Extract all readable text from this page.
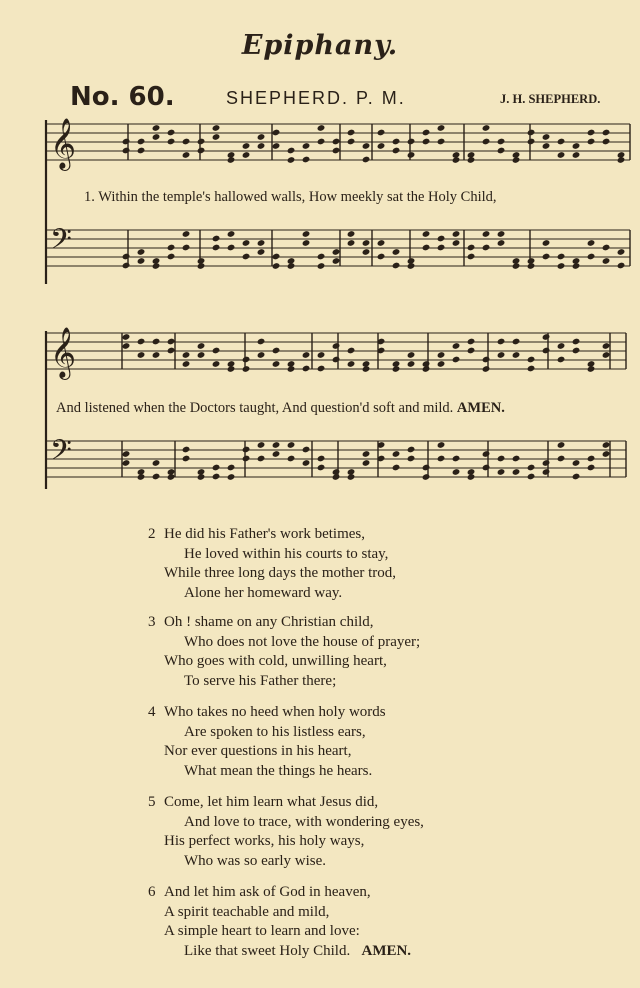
Epiphany.
No. 60.	SHEPHERD. P. M.	J. H. SHEPHERD.
𝄞
𝄢
1. Within the temple's hallowed walls, How meekly sat the Holy Child,
𝄞
𝄢
And listened when the Doctors taught, And question'd soft and mild. AMEN.
2 He did his Father's work betimes,
He loved within his courts to stay,
While three long days the mother trod,
Alone her homeward way.
3 Oh ! shame on any Christian child,
Who does not love the house of prayer;
Who goes with cold, unwilling heart,
To serve his Father there;
4 Who takes no heed when holy words
Are spoken to his listless ears,
Nor ever questions in his heart,
What mean the things he hears.
5 Come, let him learn what Jesus did,
And love to trace, with wondering eyes,
His perfect works, his holy ways,
Who was so early wise.
6 And let him ask of God in heaven,
A spirit teachable and mild,
A simple heart to learn and love:
Like that sweet Holy Child. AMEN.
